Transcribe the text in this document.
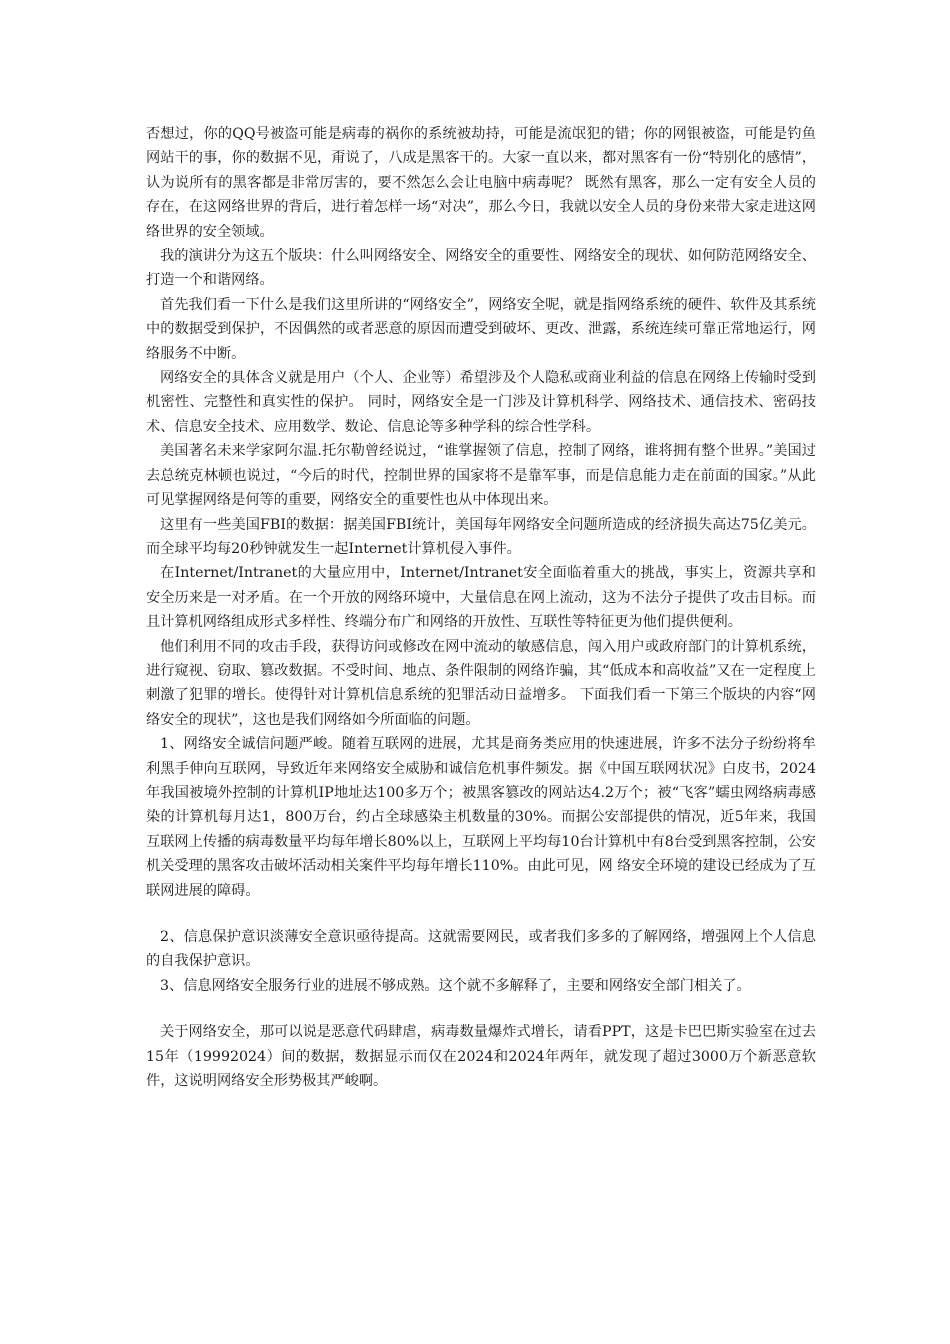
否想过，你的QQ号被盗可能是病毒的祸你的系统被劫持，可能是流氓犯的错；你的网银被盗，可能是钓鱼网站干的事，你的数据不见，甭说了，八成是黑客干的。大家一直以来，都对黑客有一份“特别化的感情”，认为说所有的黑客都是非常厉害的，要不然怎么会让电脑中病毒呢？ 既然有黑客，那么一定有安全人员的存在，在这网络世界的背后，进行着怎样一场“对决”，那么今日，我就以安全人员的身份来带大家走进这网络世界的安全领域。

我的演讲分为这五个版块：什么叫网络安全、网络安全的重要性、网络安全的现状、如何防范网络安全、打造一个和谐网络。

首先我们看一下什么是我们这里所讲的“网络安全”，网络安全呢，就是指网络系统的硬件、软件及其系统中的数据受到保护，不因偶然的或者恶意的原因而遭受到破坏、更改、泄露，系统连续可靠正常地运行，网络服务不中断。

网络安全的具体含义就是用户（个人、企业等）希望涉及个人隐私或商业利益的信息在网络上传输时受到机密性、完整性和真实性的保护。 同时，网络安全是一门涉及计算机科学、网络技术、通信技术、密码技术、信息安全技术、应用数学、数论、信息论等多种学科的综合性学科。

美国著名未来学家阿尔温.托尔勒曾经说过，“谁掌握领了信息，控制了网络，谁将拥有整个世界。”美国过去总统克林顿也说过，“今后的时代，控制世界的国家将不是靠军事，而是信息能力走在前面的国家。”从此可见掌握网络是何等的重要，网络安全的重要性也从中体现出来。

这里有一些美国FBI的数据：据美国FBI统计，美国每年网络安全问题所造成的经济损失高达75亿美元。而全球平均每20秒钟就发生一起Internet计算机侵入事件。

在Internet/Intranet的大量应用中，Internet/Intranet安全面临着重大的挑战，事实上，资源共享和安全历来是一对矛盾。在一个开放的网络环境中，大量信息在网上流动，这为不法分子提供了攻击目标。而且计算机网络组成形式多样性、终端分布广和网络的开放性、互联性等特征更为他们提供便利。

他们利用不同的攻击手段，获得访问或修改在网中流动的敏感信息，闯入用户或政府部门的计算机系统，进行窥视、窃取、篡改数据。不受时间、地点、条件限制的网络诈骗，其“低成本和高收益”又在一定程度上刺激了犯罪的增长。使得针对计算机信息系统的犯罪活动日益增多。 下面我们看一下第三个版块的内容“网络安全的现状”，这也是我们网络如今所面临的问题。

1、网络安全诚信问题严峻。随着互联网的进展，尤其是商务类应用的快速进展，许多不法分子纷纷将牟利黑手伸向互联网，导致近年来网络安全威胁和诚信危机事件频发。据《中国互联网状况》白皮书，2024年我国被境外控制的计算机IP地址达100多万个；被黑客篡改的网站达4.2万个；被“飞客”蠕虫网络病毒感染的计算机每月达1，800万台，约占全球感染主机数量的30%。而据公安部提供的情况，近5年来，我国互联网上传播的病毒数量平均每年增长80%以上，互联网上平均每10台计算机中有8台受到黑客控制，公安机关受理的黑客攻击破坏活动相关案件平均每年增长110%。由此可见，网 络安全环境的建设已经成为了互联网进展的障碍。

2、信息保护意识淡薄安全意识亟待提高。这就需要网民，或者我们多多的了解网络，增强网上个人信息的自我保护意识。

3、信息网络安全服务行业的进展不够成熟。这个就不多解释了，主要和网络安全部门相关了。

关于网络安全，那可以说是恶意代码肆虐，病毒数量爆炸式增长，请看PPT，这是卡巴巴斯实验室在过去15年（19992024）间的数据，数据显示而仅在2024和2024年两年，就发现了超过3000万个新恶意软件，这说明网络安全形势极其严峻啊。
